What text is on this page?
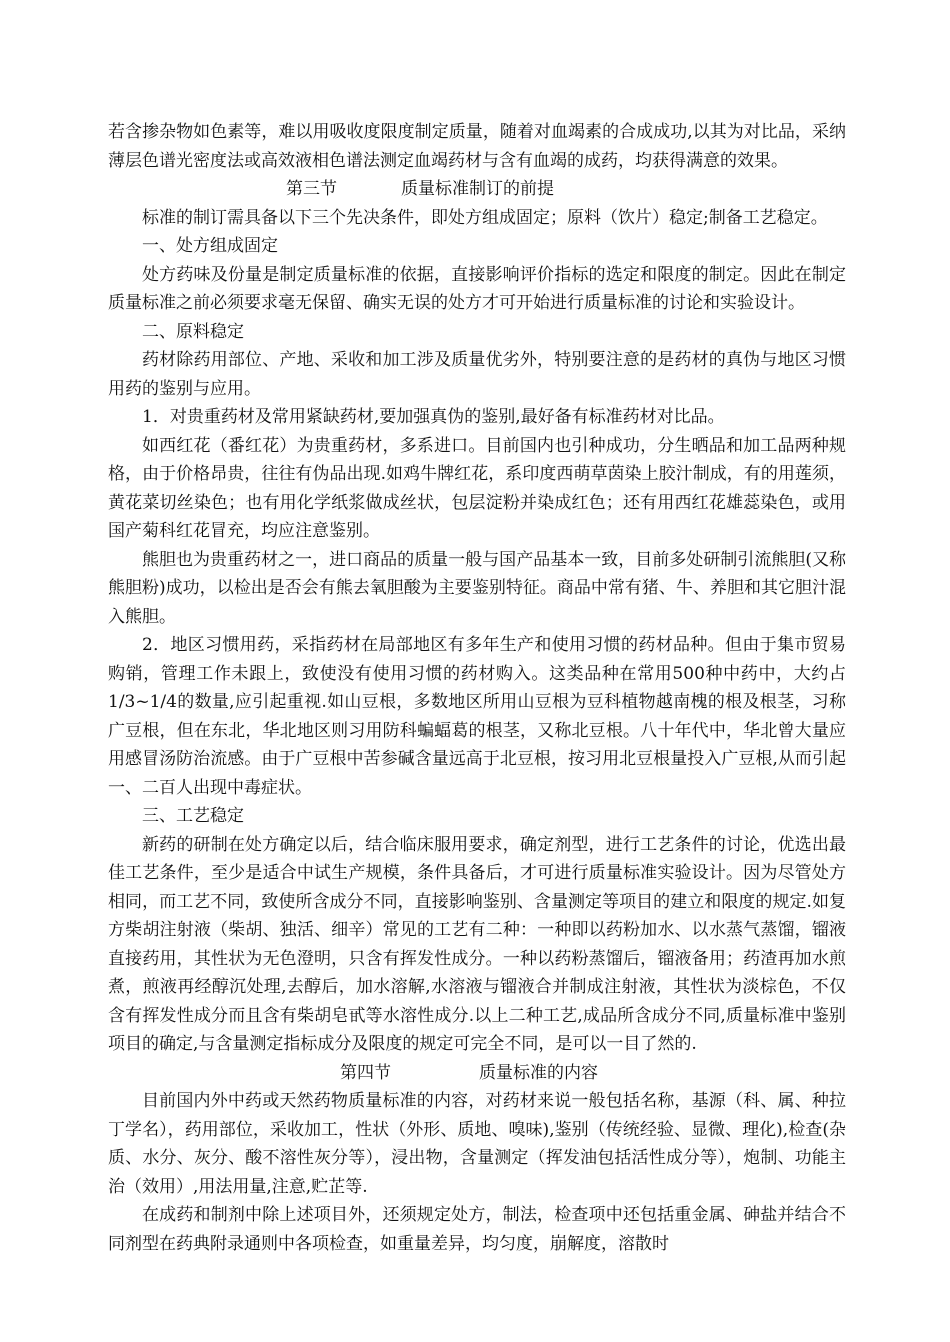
若含掺杂物如色素等，难以用吸收度限度制定质量，随着对血竭素的合成成功,以其为对比品，采纳薄层色谱光密度法或高效液相色谱法测定血竭药材与含有血竭的成药，均获得满意的效果。

第三节	质量标准制订的前提

标准的制订需具备以下三个先决条件，即处方组成固定；原料（饮片）稳定;制备工艺稳定。

一、处方组成固定

处方药味及份量是制定质量标准的依据，直接影响评价指标的选定和限度的制定。因此在制定质量标准之前必须要求毫无保留、确实无误的处方才可开始进行质量标准的讨论和实验设计。

二、原料稳定

药材除药用部位、产地、采收和加工涉及质量优劣外，特别要注意的是药材的真伪与地区习惯用药的鉴别与应用。

1．对贵重药材及常用紧缺药材,要加强真伪的鉴别,最好备有标准药材对比品。

如西红花（番红花）为贵重药材，多系进口。目前国内也引种成功，分生晒品和加工品两种规格，由于价格昂贵，往往有伪品出现.如鸡牛牌红花，系印度西萌草茵染上胶汁制成，有的用莲须，黄花菜切丝染色；也有用化学纸浆做成丝状，包层淀粉并染成红色；还有用西红花雄蕊染色，或用国产菊科红花冒充，均应注意鉴别。

熊胆也为贵重药材之一，进口商品的质量一般与国产品基本一致，目前多处研制引流熊胆(又称熊胆粉)成功，以检出是否会有熊去氧胆酸为主要鉴别特征。商品中常有猪、牛、养胆和其它胆汁混入熊胆。

2．地区习惯用药，采指药材在局部地区有多年生产和使用习惯的药材品种。但由于集市贸易购销，管理工作未跟上，致使没有使用习惯的药材购入。这类品种在常用500种中药中，大约占1/3~1/4的数量,应引起重视.如山豆根，多数地区所用山豆根为豆科植物越南槐的根及根茎，习称广豆根，但在东北，华北地区则习用防科蝙蝠葛的根茎，又称北豆根。八十年代中，华北曾大量应用感冒汤防治流感。由于广豆根中苦参碱含量远高于北豆根，按习用北豆根量投入广豆根,从而引起一、二百人出现中毒症状。

三、工艺稳定

新药的研制在处方确定以后，结合临床服用要求，确定剂型，进行工艺条件的讨论，优选出最佳工艺条件，至少是适合中试生产规模，条件具备后，才可进行质量标准实验设计。因为尽管处方相同，而工艺不同，致使所含成分不同，直接影响鉴别、含量测定等项目的建立和限度的规定.如复方柴胡注射液（柴胡、独活、细辛）常见的工艺有二种：一种即以药粉加水、以水蒸气蒸馏，镏液直接药用，其性状为无色澄明，只含有挥发性成分。一种以药粉蒸馏后，镏液备用；药渣再加水煎煮，煎液再经醇沉处理,去醇后，加水溶解,水溶液与镏液合并制成注射液，其性状为淡棕色，不仅含有挥发性成分而且含有柴胡皂甙等水溶性成分.以上二种工艺,成品所含成分不同,质量标准中鉴别项目的确定,与含量测定指标成分及限度的规定可完全不同，是可以一目了然的.

第四节	质量标准的内容

目前国内外中药或天然药物质量标准的内容，对药材来说一般包括名称，基源（科、属、种拉丁学名），药用部位，采收加工，性状（外形、质地、嗅味),鉴别（传统经验、显微、理化),检查(杂质、水分、灰分、酸不溶性灰分等），浸出物，含量测定（挥发油包括活性成分等），炮制、功能主治（效用）,用法用量,注意,贮芷等.

在成药和制剂中除上述项目外，还须规定处方，制法，检查项中还包括重金属、砷盐并结合不同剂型在药典附录通则中各项检查，如重量差异，均匀度，崩解度，溶散时
